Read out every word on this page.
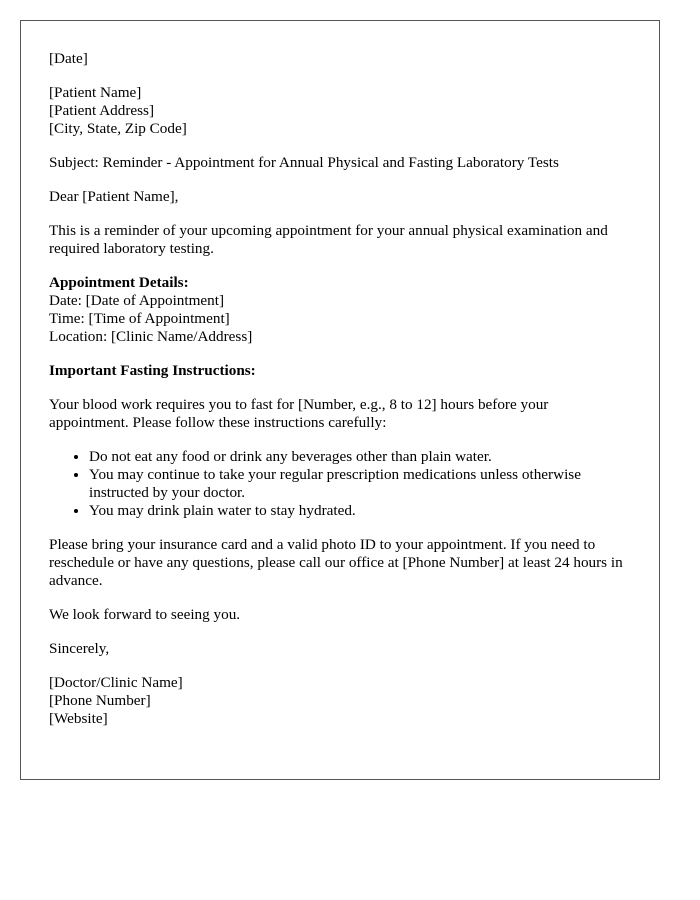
[Date]
[Patient Name]
[Patient Address]
[City, State, Zip Code]
Subject: Reminder - Appointment for Annual Physical and Fasting Laboratory Tests
Dear [Patient Name],
This is a reminder of your upcoming appointment for your annual physical examination and required laboratory testing.
Appointment Details:
Date: [Date of Appointment]
Time: [Time of Appointment]
Location: [Clinic Name/Address]
Important Fasting Instructions:
Your blood work requires you to fast for [Number, e.g., 8 to 12] hours before your appointment. Please follow these instructions carefully:
• Do not eat any food or drink any beverages other than plain water.
• You may continue to take your regular prescription medications unless otherwise instructed by your doctor.
• You may drink plain water to stay hydrated.
Please bring your insurance card and a valid photo ID to your appointment. If you need to reschedule or have any questions, please call our office at [Phone Number] at least 24 hours in advance.
We look forward to seeing you.
Sincerely,
[Doctor/Clinic Name]
[Phone Number]
[Website]
